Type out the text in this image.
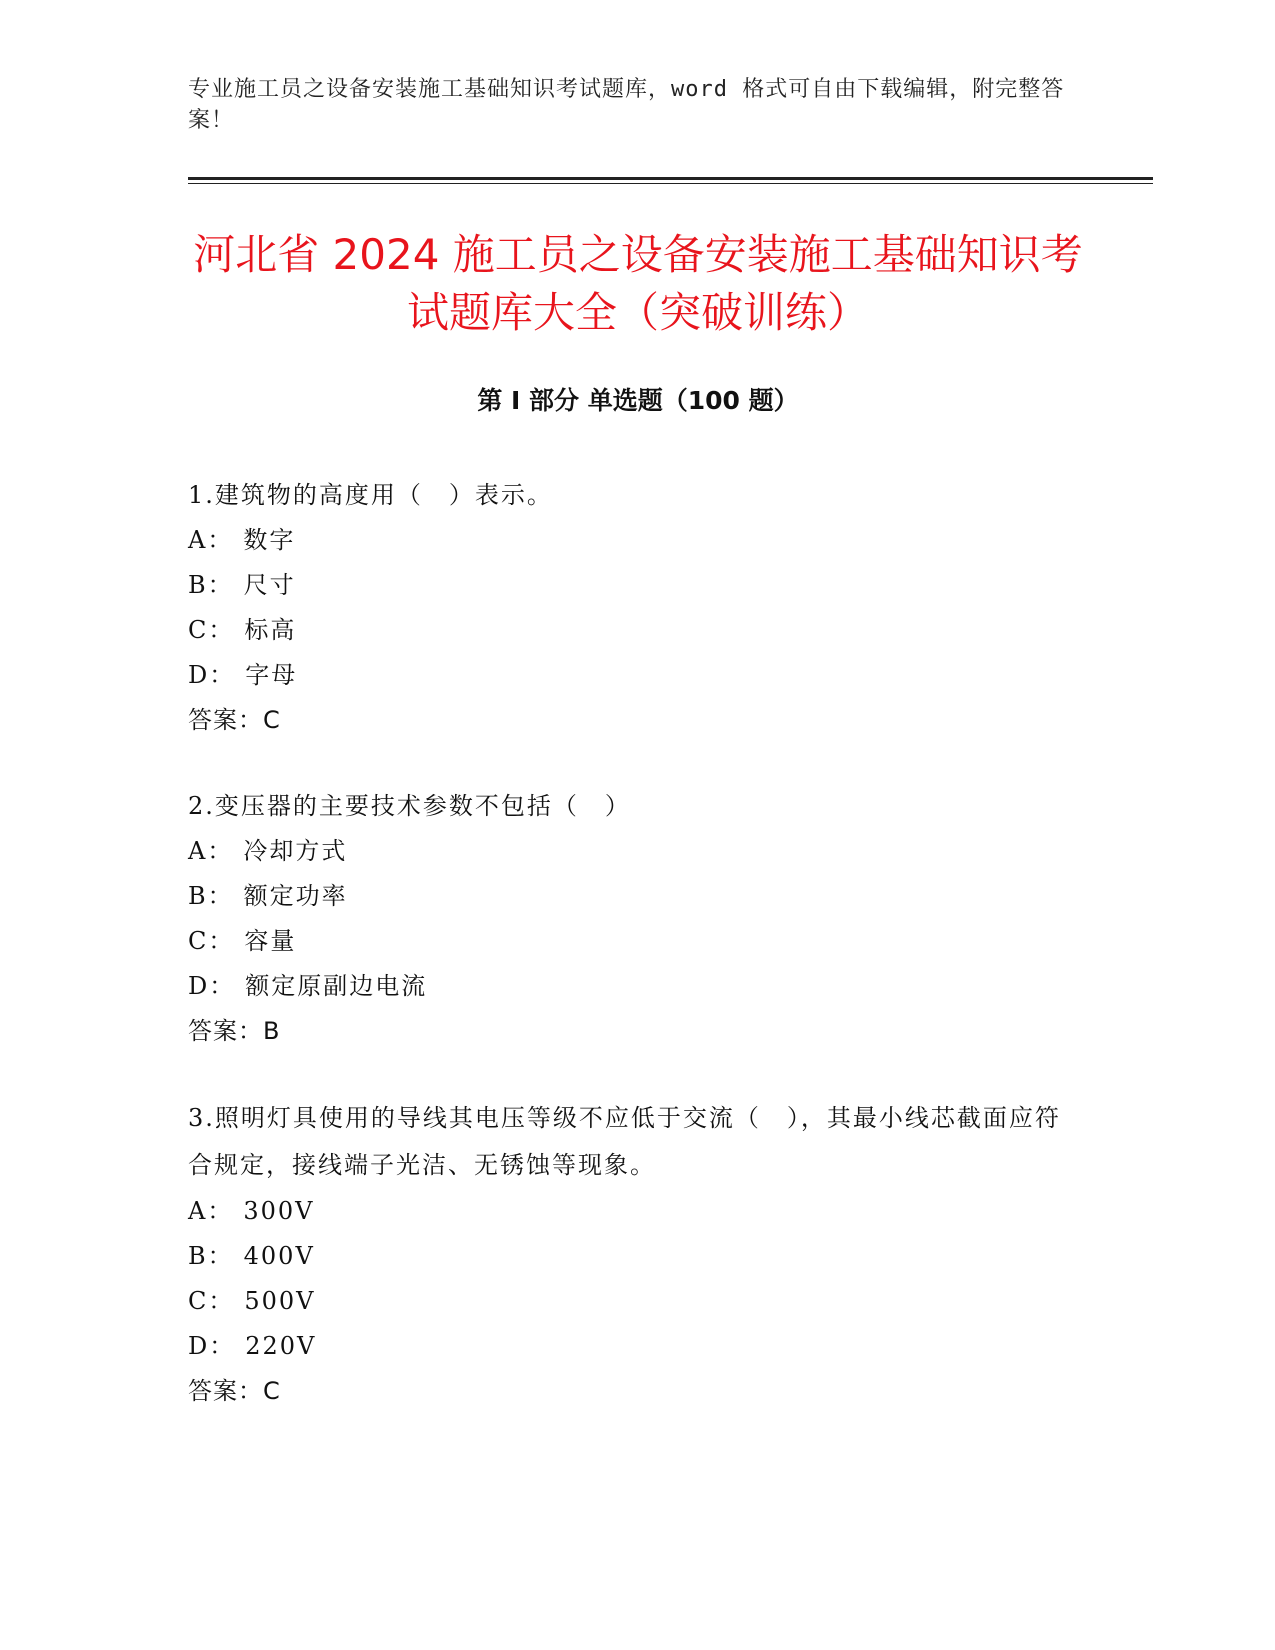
专业施工员之设备安装施工基础知识考试题库，word 格式可自由下载编辑，附完整答案！
河北省 2024 施工员之设备安装施工基础知识考试题库大全（突破训练）
第 I 部分 单选题（100 题）
1.建筑物的高度用（　）表示。
A： 数字
B： 尺寸
C： 标高
D： 字母
答案：C
2.变压器的主要技术参数不包括（　）
A： 冷却方式
B： 额定功率
C： 容量
D： 额定原副边电流
答案：B
3.照明灯具使用的导线其电压等级不应低于交流（　），其最小线芯截面应符合规定，接线端子光洁、无锈蚀等现象。
A： 300V
B： 400V
C： 500V
D： 220V
答案：C
